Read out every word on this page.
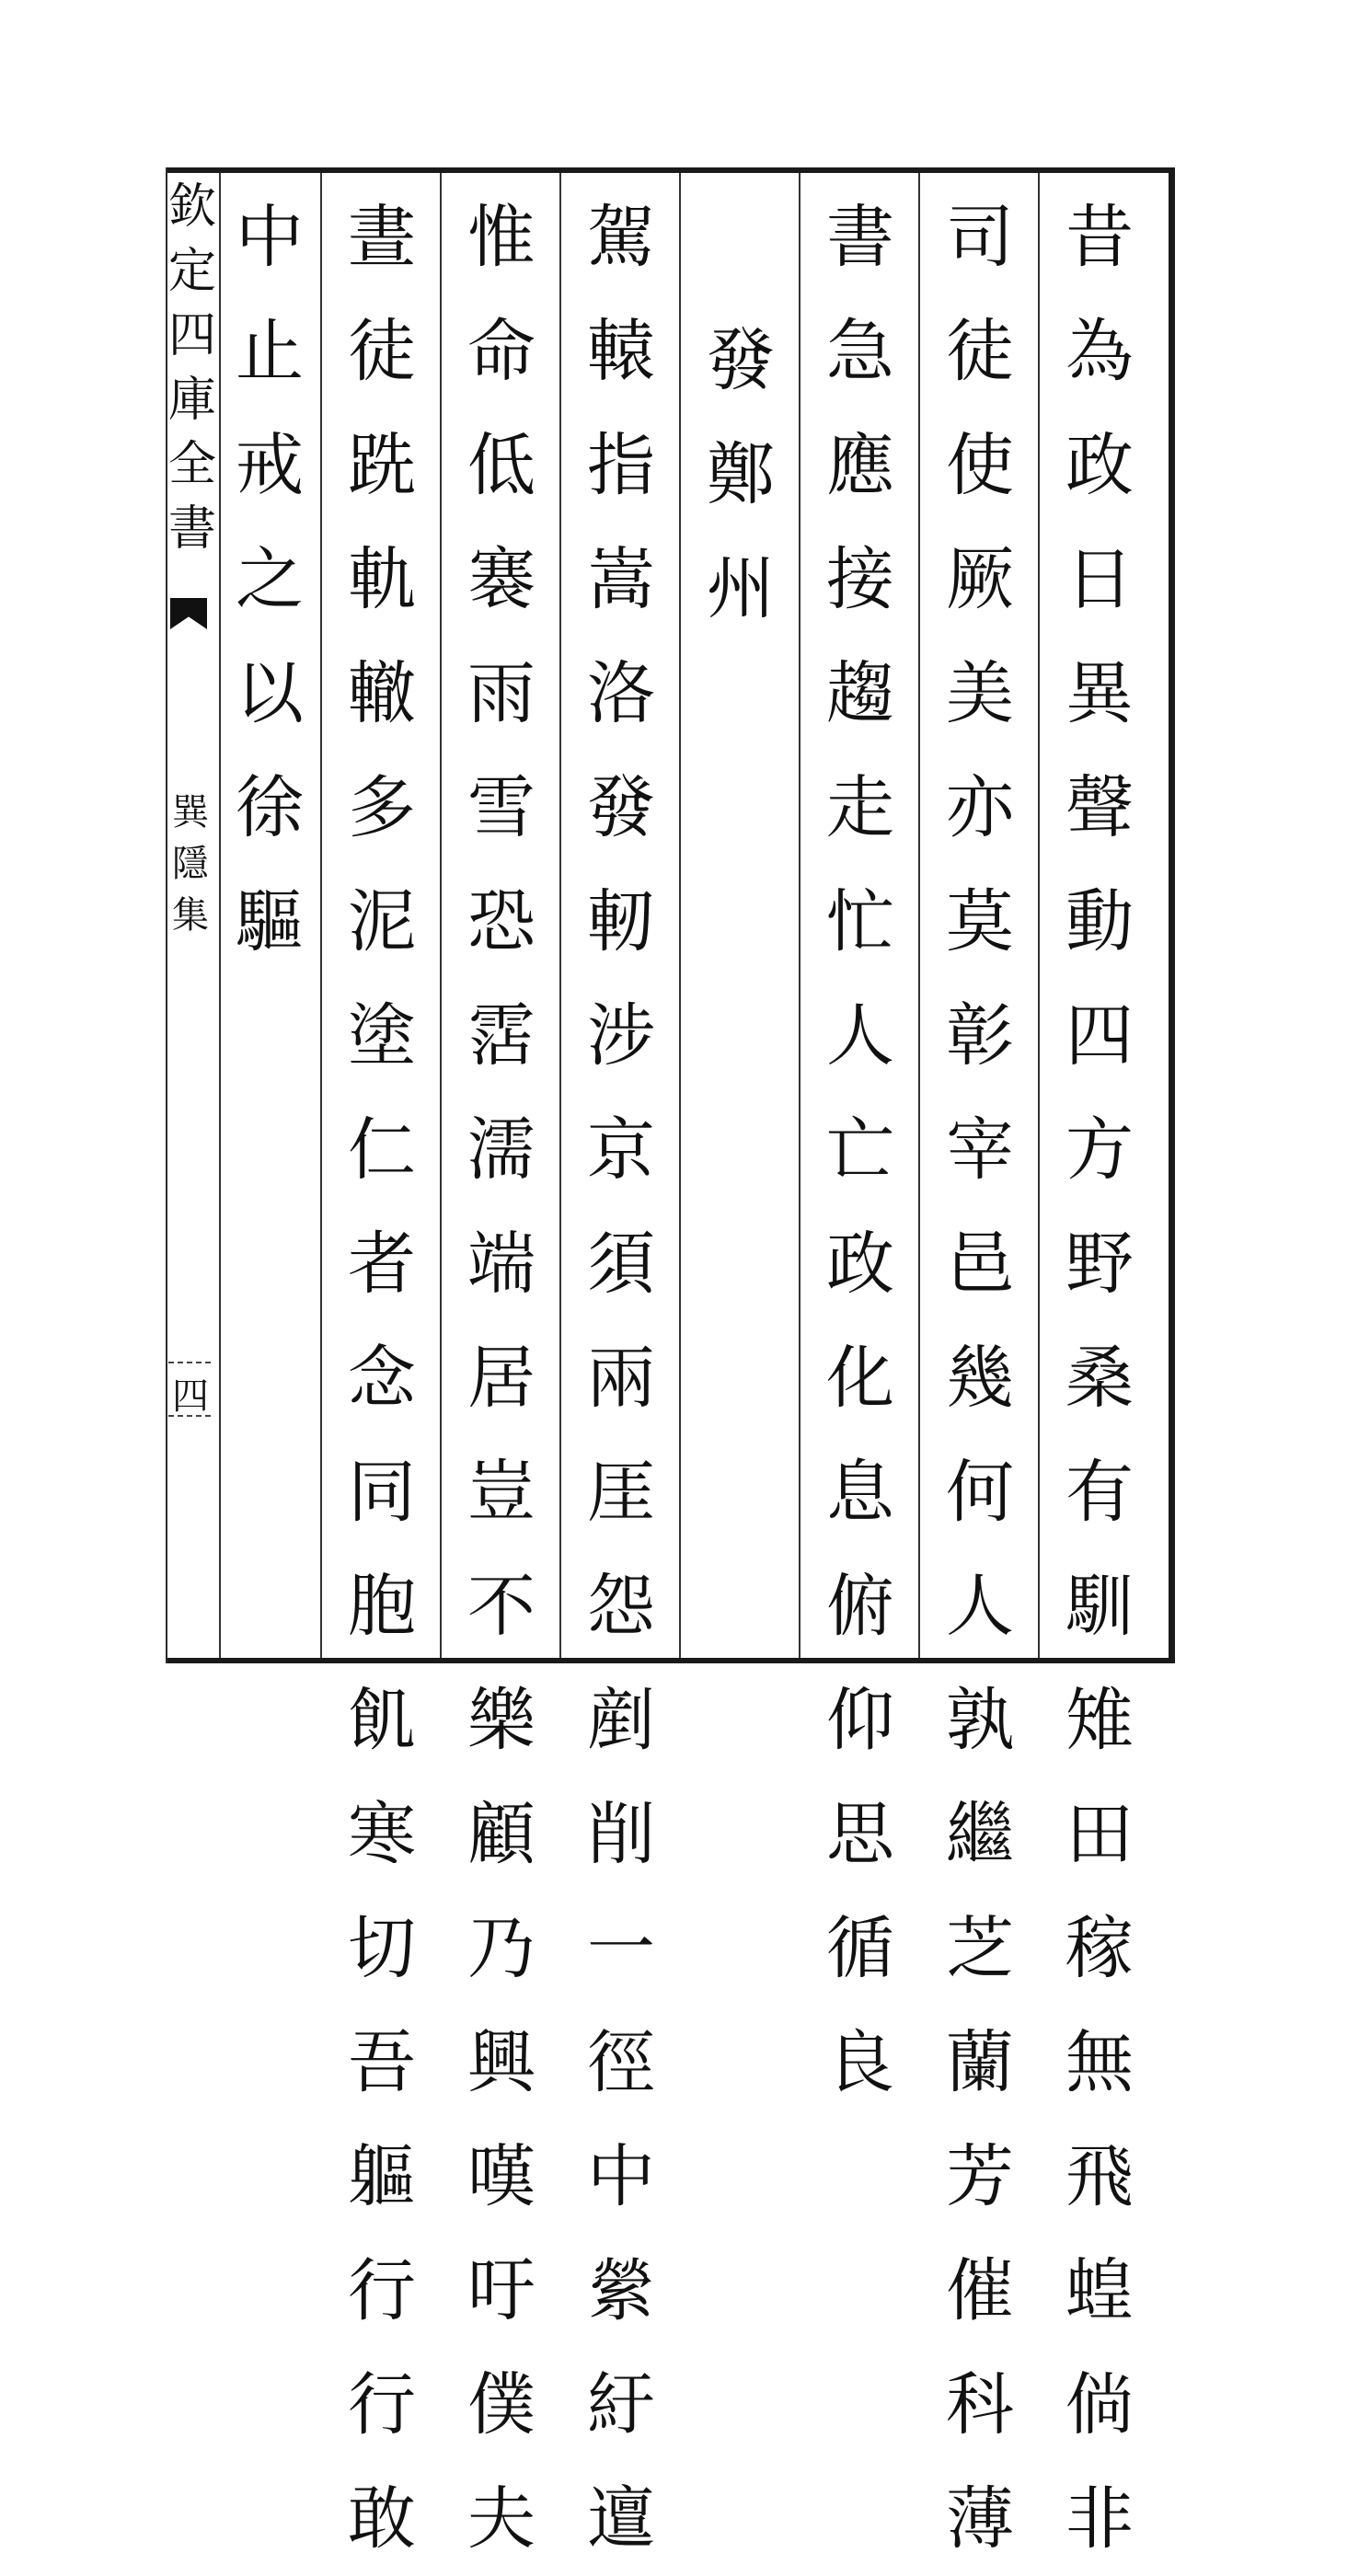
欽
定
四
庫
全
書
巽
隱
集
四
昔
為
政
日
異
聲
動
四
方
野
桑
有
馴
雉
田
稼
無
飛
蝗
倘
非
司
徒
使
厥
美
亦
莫
彰
宰
邑
幾
何
人
孰
繼
芝
蘭
芳
催
科
薄
書
急
應
接
趨
走
忙
人
亡
政
化
息
俯
仰
思
循
良
發
鄭
州
駕
轅
指
嵩
洛
發
軔
涉
京
須
兩
厓
怨
剷
削
一
徑
中
縈
紆
邅
惟
命
低
褰
雨
雪
恐
霑
濡
端
居
豈
不
樂
顧
乃
興
嘆
吁
僕
夫
晝
徒
跣
軌
轍
多
泥
塗
仁
者
念
同
胞
飢
寒
切
吾
軀
行
行
敢
中
止
戒
之
以
徐
驅
